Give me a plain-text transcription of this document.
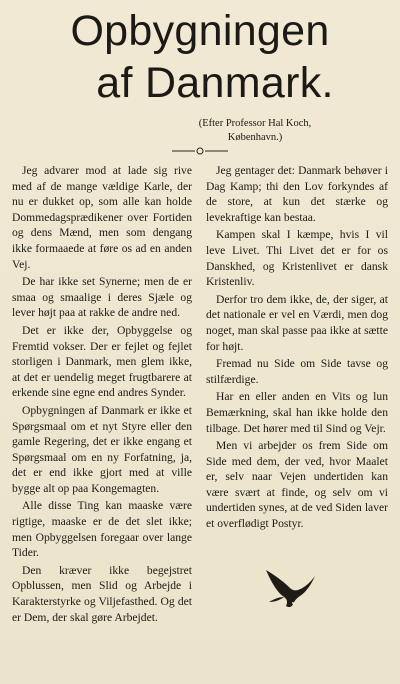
Opbygningen
af Danmark.
(Efter Professor Hal Koch,
København.)

Jeg advarer mod at lade sig rive med af de mange vældige Karle, der nu er dukket op, som alle kan holde Dommedagsprædikener over Fortiden og dens Mænd, men som dengang ikke formaaede at føre os ad en anden Vej.

De har ikke set Synerne; men de er smaa og smaalige i deres Sjæle og lever højt paa at rakke de andre ned.

Det er ikke der, Opbyggelse og Fremtid vokser. Der er fejlet og fejlet storligen i Danmark, men glem ikke, at det er uendelig meget frugtbarere at erkende sine egne end andres Synder.

Opbygningen af Danmark er ikke et Spørgsmaal om et nyt Styre eller den gamle Regering, det er ikke engang et Spørgsmaal om en ny Forfatning, ja, det er end ikke gjort med at ville bygge alt op paa Kongemagten.

Alle disse Ting kan maaske være rigtige, maaske er de det slet ikke; men Opbyggelsen foregaar over lange Tider.

Den kræver ikke begejstret Opblussen, men Slid og Arbejde i Karakterstyrke og Viljefasthed. Og det er Dem, der skal gøre Arbejdet.

Jeg gentager det: Danmark behøver i Dag Kamp; thi den Lov forkyndes af de store, at kun det stærke og levekraftige kan bestaa.

Kampen skal I kæmpe, hvis I vil leve Livet. Thi Livet det er for os Danskhed, og Kristenlivet er dansk Kristenliv.

Derfor tro dem ikke, de, der siger, at det nationale er vel en Værdi, men dog noget, man skal passe paa ikke at sætte for højt.

Fremad nu Side om Side tavse og stilfærdige.

Har en eller anden en Vits og lun Bemærkning, skal han ikke holde den tilbage. Det hører med til Sind og Vejr.

Men vi arbejder os frem Side om Side med dem, der ved, hvor Maalet er, selv naar Vejen undertiden kan være svært at finde, og selv om vi undertiden synes, at de ved Siden laver et overflødigt Postyr.
